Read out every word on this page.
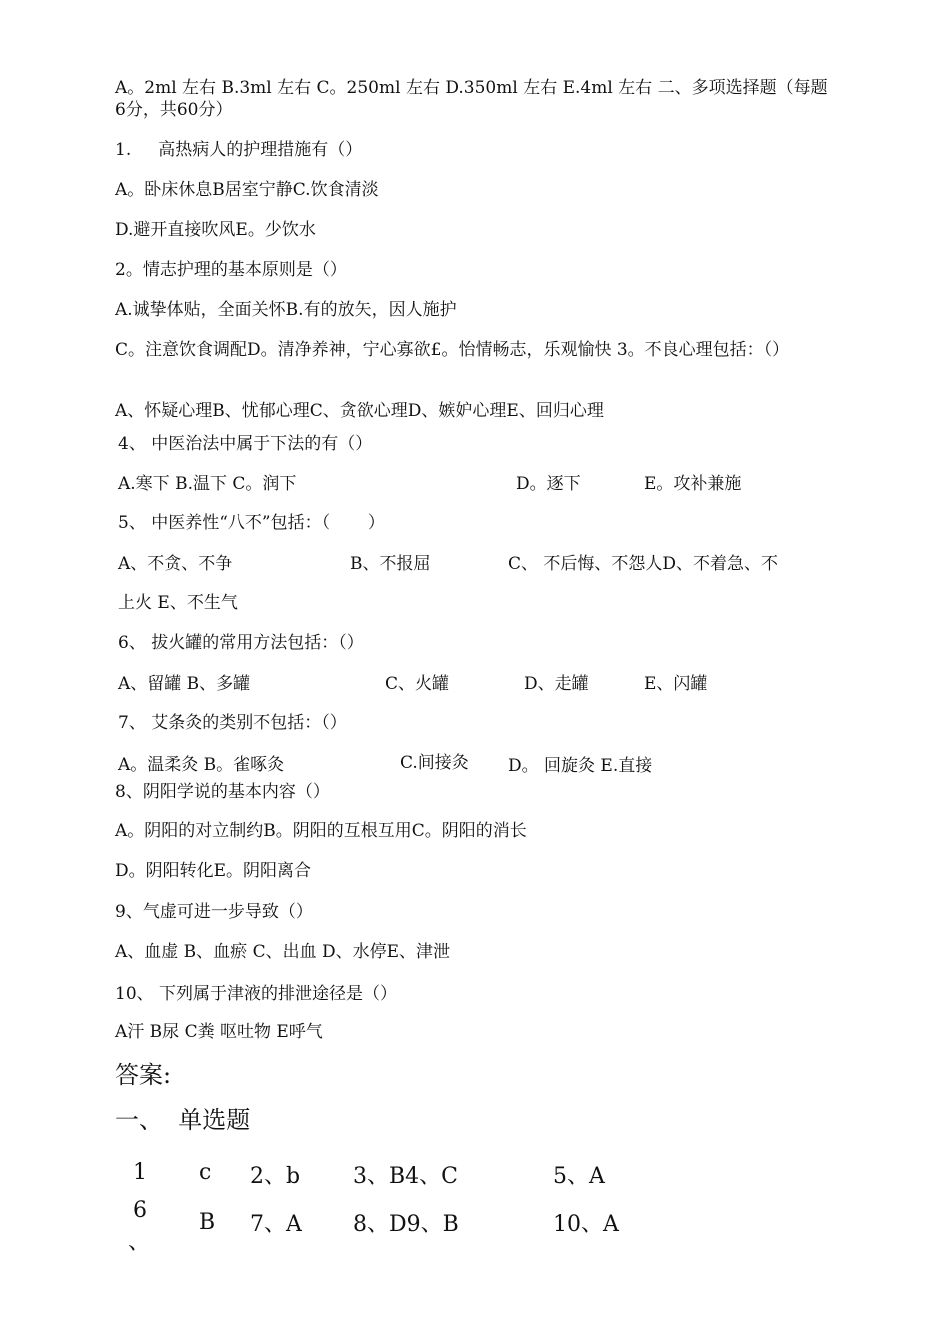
A。2ml 左右 B.3ml 左右 C。250ml 左右 D.350ml 左右 E.4ml 左右 二、多项选择题（每题6分，共60分）
1.     高热病人的护理措施有（）
A。卧床休息B居室宁静C.饮食清淡
D.避开直接吹风E。少饮水
2。情志护理的基本原则是（）
A.诚挚体贴，全面关怀B.有的放矢，因人施护
C。注意饮食调配D。清净养神，宁心寡欲£。怡情畅志，乐观愉快 3。不良心理包括：（）
A、怀疑心理B、忧郁心理C、贪欲心理D、嫉妒心理E、回归心理
4、 中医治法中属于下法的有（）
A.寒下 B.温下 C。润下	D。逐下	E。攻补兼施
5、 中医养性“八不”包括：（       ）
A、不贪、不争	B、不报屈	C、 不后悔、不怨人D、不着急、不
上火 E、不生气
6、 拔火罐的常用方法包括：（）
A、留罐 B、多罐	C、火罐	D、走罐	E、闪罐
7、 艾条灸的类别不包括：（）
A。温柔灸 B。雀啄灸	C.间接灸 D。 回旋灸 E.直接
8、阴阳学说的基本内容（）
A。阴阳的对立制约B。阴阳的互根互用C。阴阳的消长
D。阴阳转化E。阴阳离合
9、气虚可进一步导致（）
A、血虚 B、血瘀 C、出血 D、水停E、津泄
10、 下列属于津液的排泄途径是（）
A汗 B尿 C粪 呕吐物 E呼气
答案:
一、  单选题
1 c 2、b 3、B4、C	5、A
6 B 7、A 8、D9、B	10、A
、
